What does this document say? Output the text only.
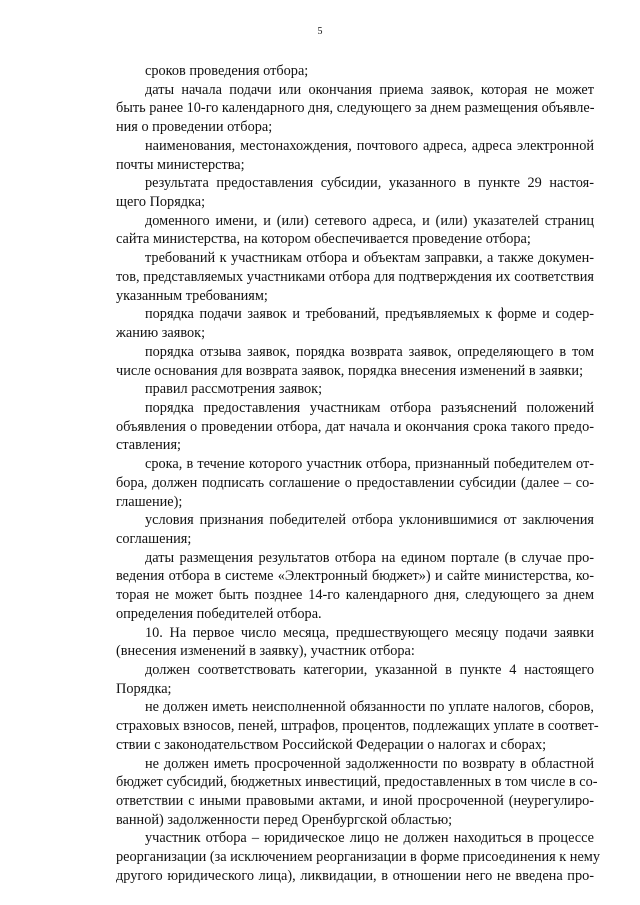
5
сроков проведения отбора;
даты начала подачи или окончания приема заявок, которая не может
быть ранее 10-го календарного дня, следующего за днем размещения объявле-
ния о проведении отбора;
наименования, местонахождения, почтового адреса, адреса электронной
почты министерства;
результата предоставления субсидии, указанного в пункте 29 настоя-
щего Порядка;
доменного имени, и (или) сетевого адреса, и (или) указателей страниц
сайта министерства, на котором обеспечивается проведение отбора;
требований к участникам отбора и объектам заправки, а также докумен-
тов, представляемых участниками отбора для подтверждения их соответствия
указанным требованиям;
порядка подачи заявок и требований, предъявляемых к форме и содер-
жанию заявок;
порядка отзыва заявок, порядка возврата заявок, определяющего в том
числе основания для возврата заявок, порядка внесения изменений в заявки;
правил рассмотрения заявок;
порядка предоставления участникам отбора разъяснений положений
объявления о проведении отбора, дат начала и окончания срока такого предо-
ставления;
срока, в течение которого участник отбора, признанный победителем от-
бора, должен подписать соглашение о предоставлении субсидии (далее – со-
глашение);
условия признания победителей отбора уклонившимися от заключения
соглашения;
даты размещения результатов отбора на едином портале (в случае про-
ведения отбора в системе «Электронный бюджет») и сайте министерства, ко-
торая не может быть позднее 14-го календарного дня, следующего за днем
определения победителей отбора.
10. На первое число месяца, предшествующего месяцу подачи заявки
(внесения изменений в заявку), участник отбора:
должен соответствовать категории, указанной в пункте 4 настоящего
Порядка;
не должен иметь неисполненной обязанности по уплате налогов, сборов,
страховых взносов, пеней, штрафов, процентов, подлежащих уплате в соответ-
ствии с законодательством Российской Федерации о налогах и сборах;
не должен иметь просроченной задолженности по возврату в областной
бюджет субсидий, бюджетных инвестиций, предоставленных в том числе в со-
ответствии с иными правовыми актами, и иной просроченной (неурегулиро-
ванной) задолженности перед Оренбургской областью;
участник отбора – юридическое лицо не должен находиться в процессе
реорганизации (за исключением реорганизации в форме присоединения к нему
другого юридического лица), ликвидации, в отношении него не введена про-
